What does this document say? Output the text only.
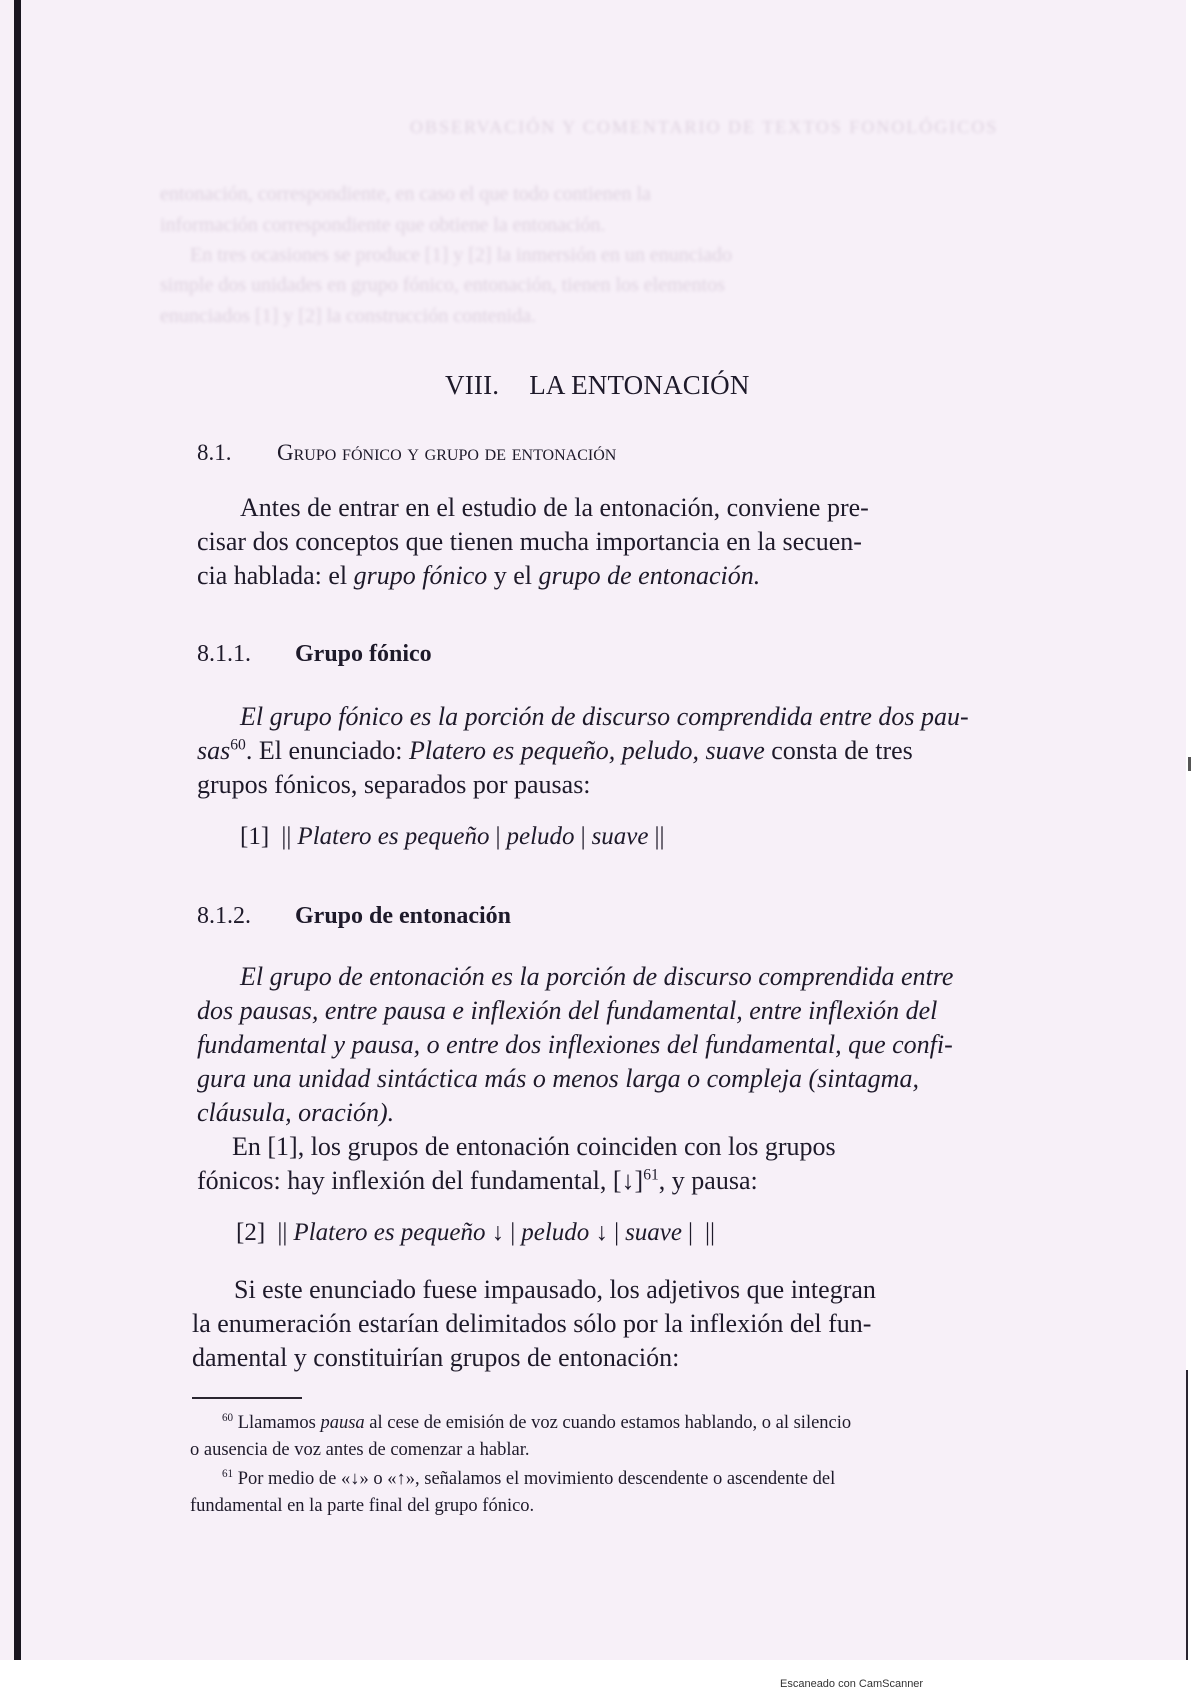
OBSERVACIÓN Y COMENTARIO DE TEXTOS FONOLÓGICOS
entonación, correspondiente, en caso el que todo contienen la
información correspondiente que obtiene la entonación.
En tres ocasiones se produce [1] y [2] la inmersión en un enunciado
simple dos unidades en grupo fónico, entonación, tienen los elementos
enunciados [1] y [2] la construcción contenida.
VIII. LA ENTONACIÓN
8.1. Grupo fónico y grupo de entonación
Antes de entrar en el estudio de la entonación, conviene pre-
cisar dos conceptos que tienen mucha importancia en la secuen-
cia hablada: el grupo fónico y el grupo de entonación.
8.1.1. Grupo fónico
El grupo fónico es la porción de discurso comprendida entre dos pau-
sas$^{60}$. El enunciado: Platero es pequeño, peludo, suave consta de tres
grupos fónicos, separados por pausas:
[1] || Platero es pequeño | peludo | suave ||
8.1.2. Grupo de entonación
El grupo de entonación es la porción de discurso comprendida entre
dos pausas, entre pausa e inflexión del fundamental, entre inflexión del
fundamental y pausa, o entre dos inflexiones del fundamental, que confi-
gura una unidad sintáctica más o menos larga o compleja (sintagma,
cláusula, oración).
En [1], los grupos de entonación coinciden con los grupos
fónicos: hay inflexión del fundamental, [↓]$^{61}$, y pausa:
[2] || Platero es pequeño ↓ | peludo ↓ | suave | ||
Si este enunciado fuese impausado, los adjetivos que integran
la enumeración estarían delimitados sólo por la inflexión del fun-
damental y constituirían grupos de entonación:
$^{60}$ Llamamos pausa al cese de emisión de voz cuando estamos hablando, o al silencio
o ausencia de voz antes de comenzar a hablar.
$^{61}$ Por medio de «↓» o «↑», señalamos el movimiento descendente o ascendente del
fundamental en la parte final del grupo fónico.
Escaneado con CamScanner
